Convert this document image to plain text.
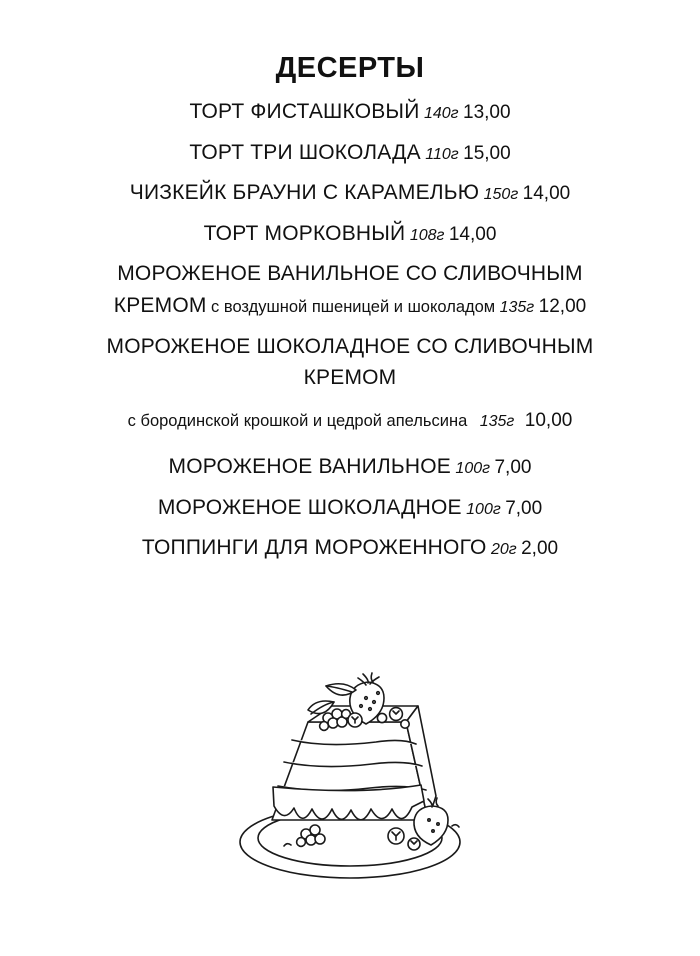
ДЕСЕРТЫ
ТОРТ ФИСТАШКОВЫЙ 140г 13,00
ТОРТ ТРИ ШОКОЛАДА 110г 15,00
ЧИЗКЕЙК БРАУНИ С КАРАМЕЛЬЮ 150г 14,00
ТОРТ МОРКОВНЫЙ 108г 14,00
МОРОЖЕНОЕ ВАНИЛЬНОЕ СО СЛИВОЧНЫМ
КРЕМОМ с воздушной пшеницей и шоколадом 135г 12,00
МОРОЖЕНОЕ ШОКОЛАДНОЕ СО СЛИВОЧНЫМ
КРЕМОМ
с бородинской крошкой и цедрой апельсина 135г 10,00
МОРОЖЕНОЕ ВАНИЛЬНОЕ 100г 7,00
МОРОЖЕНОЕ ШОКОЛАДНОЕ 100г 7,00
ТОППИНГИ ДЛЯ МОРОЖЕННОГО 20г 2,00
